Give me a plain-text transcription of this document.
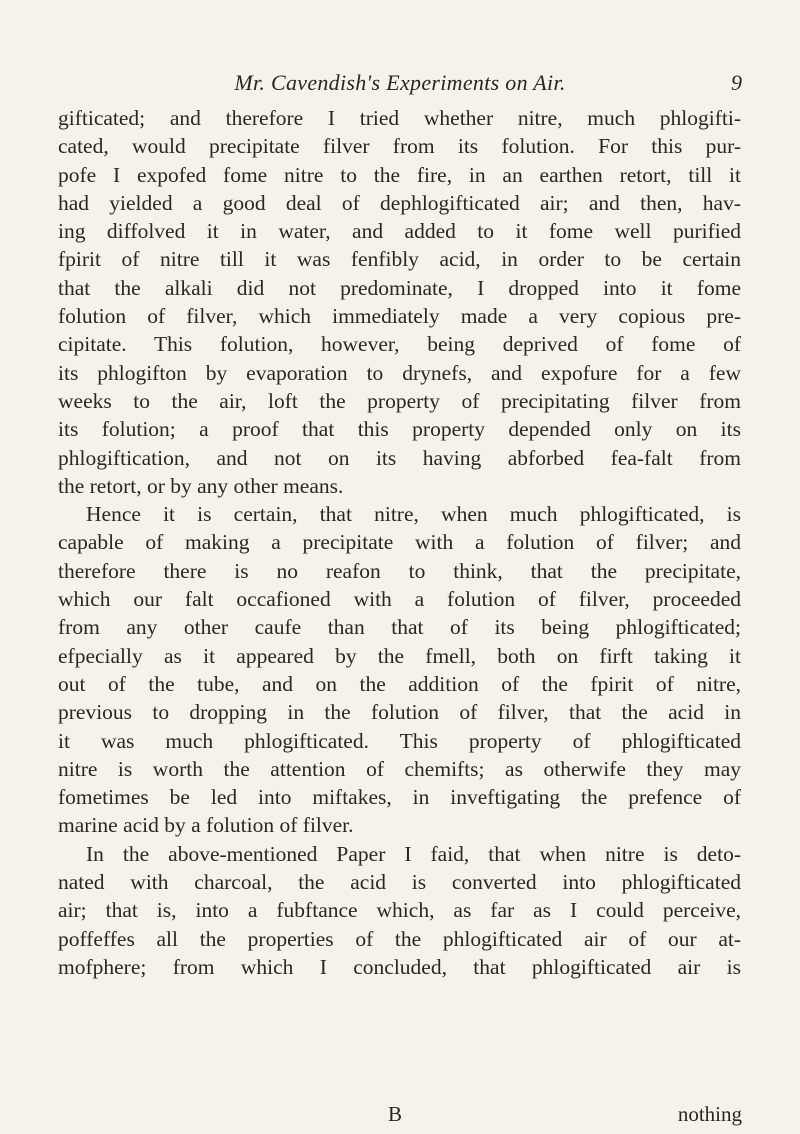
Mr. Cavendish's Experiments on Air.	9
gifticated; and therefore I tried whether nitre, much phlogifti-
cated, would precipitate filver from its folution. For this pur-
pofe I expofed fome nitre to the fire, in an earthen retort, till it
had yielded a good deal of dephlogifticated air; and then, hav-
ing diffolved it in water, and added to it fome well purified
fpirit of nitre till it was fenfibly acid, in order to be certain
that the alkali did not predominate, I dropped into it fome
folution of filver, which immediately made a very copious pre-
cipitate. This folution, however, being deprived of fome of
its phlogifton by evaporation to drynefs, and expofure for a few
weeks to the air, loft the property of precipitating filver from
its folution; a proof that this property depended only on its
phlogiftication, and not on its having abforbed fea-falt from
the retort, or by any other means.
Hence it is certain, that nitre, when much phlogifticated, is
capable of making a precipitate with a folution of filver; and
therefore there is no reafon to think, that the precipitate,
which our falt occafioned with a folution of filver, proceeded
from any other caufe than that of its being phlogifticated;
efpecially as it appeared by the fmell, both on firft taking it
out of the tube, and on the addition of the fpirit of nitre,
previous to dropping in the folution of filver, that the acid in
it was much phlogifticated. This property of phlogifticated
nitre is worth the attention of chemifts; as otherwife they may
fometimes be led into miftakes, in inveftigating the prefence of
marine acid by a folution of filver.
In the above-mentioned Paper I faid, that when nitre is deto-
nated with charcoal, the acid is converted into phlogifticated
air; that is, into a fubftance which, as far as I could perceive,
poffeffes all the properties of the phlogifticated air of our at-
mofphere; from which I concluded, that phlogifticated air is
B	nothing
